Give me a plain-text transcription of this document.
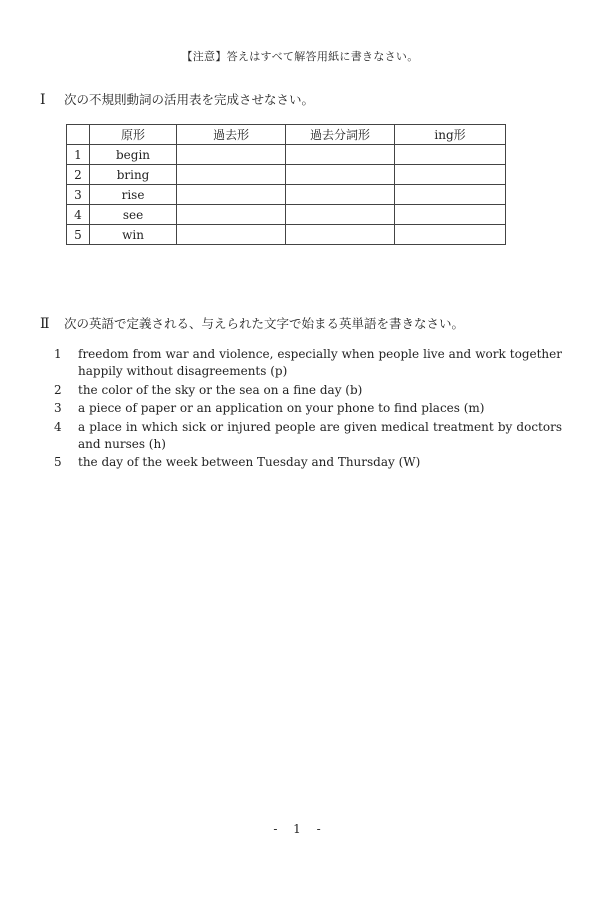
【注意】答えはすべて解答用紙に書きなさい。
Ⅰ 次の不規則動詞の活用表を完成させなさい。
	原形	過去形	過去分詞形	ing形
1	begin			
2	bring			
3	rise			
4	see			
5	win			
Ⅱ 次の英語で定義される、与えられた文字で始まる英単語を書きなさい。
1 freedom from war and violence, especially when people live and work together happily without disagreements (p)
2 the color of the sky or the sea on a fine day (b)
3 a piece of paper or an application on your phone to find places (m)
4 a place in which sick or injured people are given medical treatment by doctors and nurses (h)
5 the day of the week between Tuesday and Thursday (W)
- 1 -
